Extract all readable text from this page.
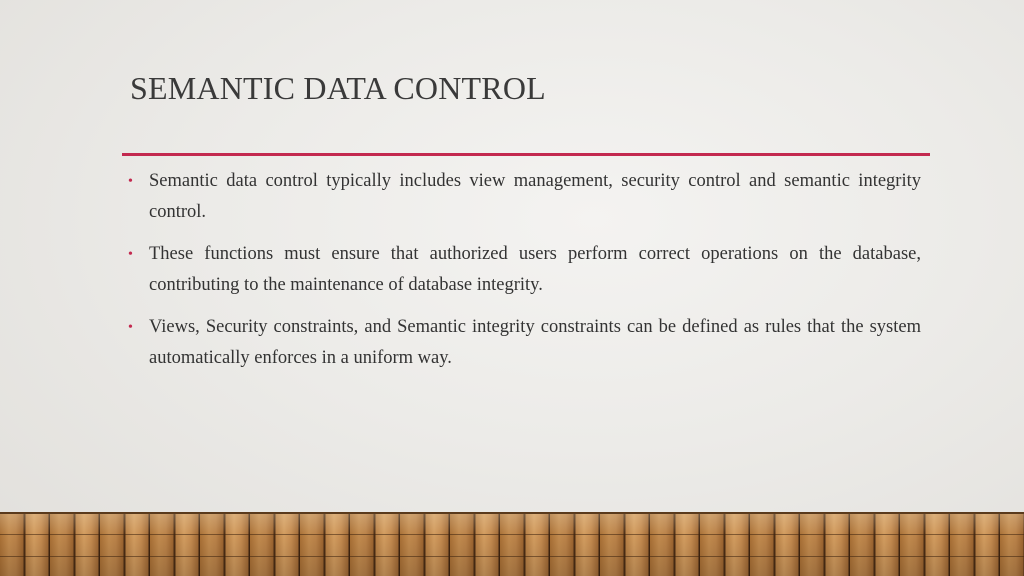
SEMANTIC DATA CONTROL
• Semantic data control typically includes view management, security control and semantic integrity control.
• These functions must ensure that authorized users perform correct operations on the database, contributing to the maintenance of database integrity.
• Views, Security constraints, and Semantic integrity constraints can be defined as rules that the system automatically enforces in a uniform way.
